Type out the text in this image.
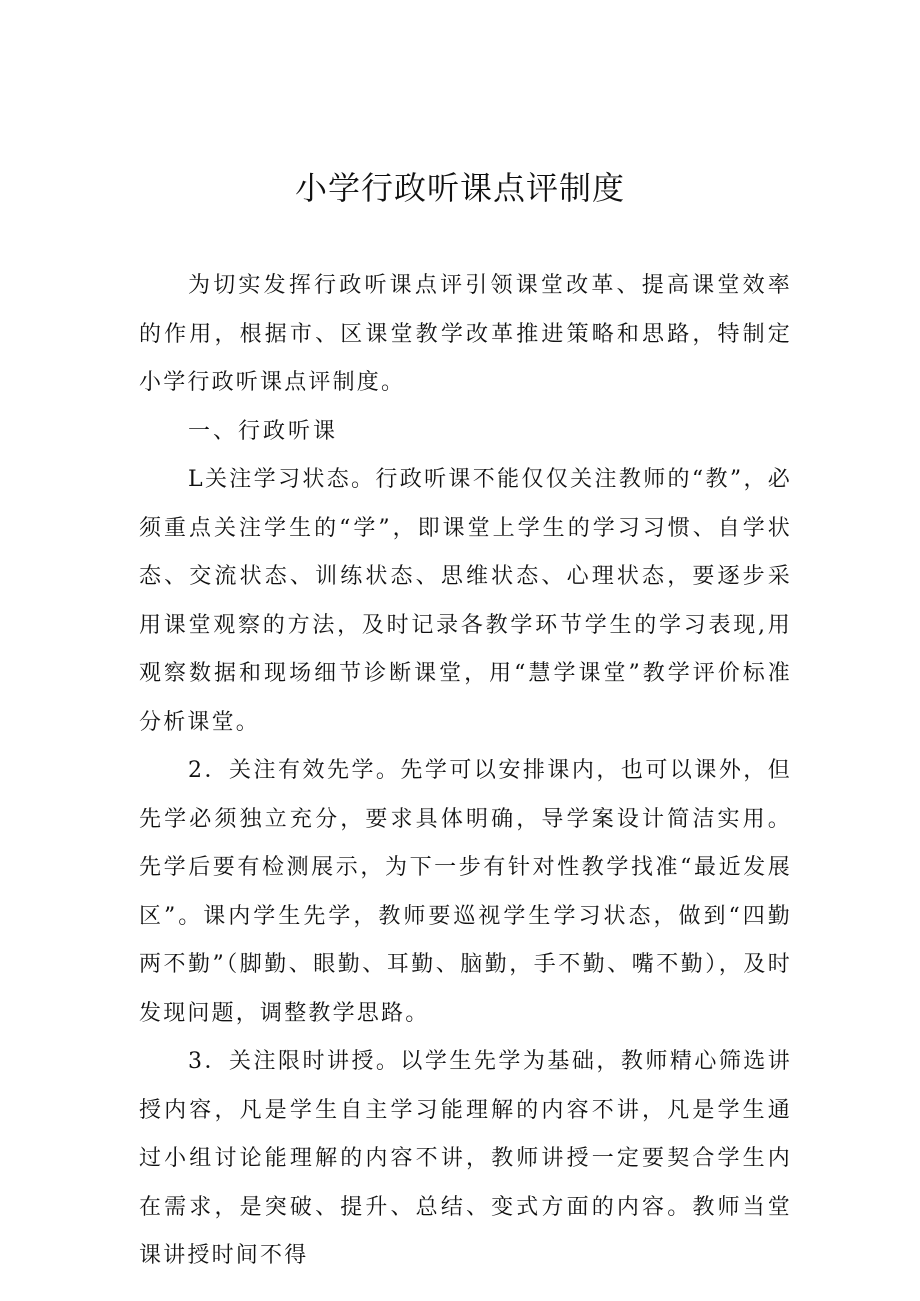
小学行政听课点评制度

为切实发挥行政听课点评引领课堂改革、提高课堂效率的作用，根据市、区课堂教学改革推进策略和思路，特制定小学行政听课点评制度。

一、行政听课

L关注学习状态。行政听课不能仅仅关注教师的“教”，必须重点关注学生的“学”，即课堂上学生的学习习惯、自学状态、交流状态、训练状态、思维状态、心理状态，要逐步采用课堂观察的方法，及时记录各教学环节学生的学习表现,用观察数据和现场细节诊断课堂，用“慧学课堂”教学评价标准分析课堂。

2．关注有效先学。先学可以安排课内，也可以课外，但先学必须独立充分，要求具体明确，导学案设计简洁实用。先学后要有检测展示，为下一步有针对性教学找准“最近发展区”。课内学生先学，教师要巡视学生学习状态，做到“四勤两不勤”（脚勤、眼勤、耳勤、脑勤，手不勤、嘴不勤），及时发现问题，调整教学思路。

3．关注限时讲授。以学生先学为基础，教师精心筛选讲授内容，凡是学生自主学习能理解的内容不讲，凡是学生通过小组讨论能理解的内容不讲，教师讲授一定要契合学生内在需求，是突破、提升、总结、变式方面的内容。教师当堂课讲授时间不得
